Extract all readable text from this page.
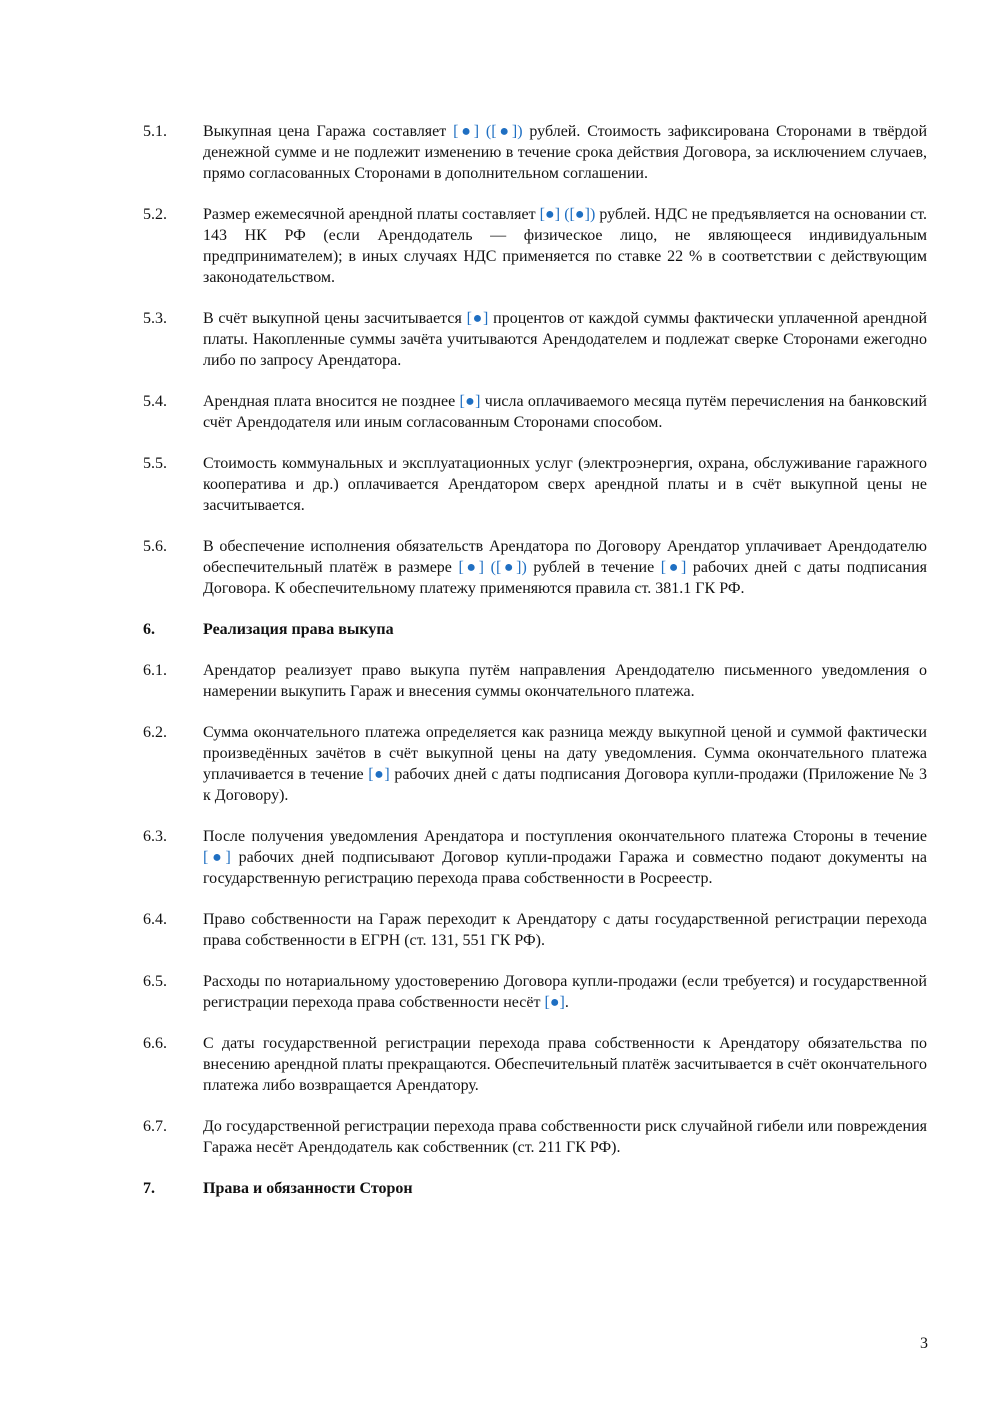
5.1.	Выкупная цена Гаража составляет [●] ([●]) рублей. Стоимость зафиксирована Сторонами в твёрдой денежной сумме и не подлежит изменению в течение срока действия Договора, за исключением случаев, прямо согласованных Сторонами в дополнительном соглашении.
5.2.	Размер ежемесячной арендной платы составляет [●] ([●]) рублей. НДС не предъявляется на основании ст. 143 НК РФ (если Арендодатель — физическое лицо, не являющееся индивидуальным предпринимателем); в иных случаях НДС применяется по ставке 22 % в соответствии с действующим законодательством.
5.3.	В счёт выкупной цены засчитывается [●] процентов от каждой суммы фактически уплаченной арендной платы. Накопленные суммы зачёта учитываются Арендодателем и подлежат сверке Сторонами ежегодно либо по запросу Арендатора.
5.4.	Арендная плата вносится не позднее [●] числа оплачиваемого месяца путём перечисления на банковский счёт Арендодателя или иным согласованным Сторонами способом.
5.5.	Стоимость коммунальных и эксплуатационных услуг (электроэнергия, охрана, обслуживание гаражного кооператива и др.) оплачивается Арендатором сверх арендной платы и в счёт выкупной цены не засчитывается.
5.6.	В обеспечение исполнения обязательств Арендатора по Договору Арендатор уплачивает Арендодателю обеспечительный платёж в размере [●] ([●]) рублей в течение [●] рабочих дней с даты подписания Договора. К обеспечительному платежу применяются правила ст. 381.1 ГК РФ.
6.	Реализация права выкупа
6.1.	Арендатор реализует право выкупа путём направления Арендодателю письменного уведомления о намерении выкупить Гараж и внесения суммы окончательного платежа.
6.2.	Сумма окончательного платежа определяется как разница между выкупной ценой и суммой фактически произведённых зачётов в счёт выкупной цены на дату уведомления. Сумма окончательного платежа уплачивается в течение [●] рабочих дней с даты подписания Договора купли-продажи (Приложение № 3 к Договору).
6.3.	После получения уведомления Арендатора и поступления окончательного платежа Стороны в течение [●] рабочих дней подписывают Договор купли-продажи Гаража и совместно подают документы на государственную регистрацию перехода права собственности в Росреестр.
6.4.	Право собственности на Гараж переходит к Арендатору с даты государственной регистрации перехода права собственности в ЕГРН (ст. 131, 551 ГК РФ).
6.5.	Расходы по нотариальному удостоверению Договора купли-продажи (если требуется) и государственной регистрации перехода права собственности несёт [●].
6.6.	С даты государственной регистрации перехода права собственности к Арендатору обязательства по внесению арендной платы прекращаются. Обеспечительный платёж засчитывается в счёт окончательного платежа либо возвращается Арендатору.
6.7.	До государственной регистрации перехода права собственности риск случайной гибели или повреждения Гаража несёт Арендодатель как собственник (ст. 211 ГК РФ).
7.	Права и обязанности Сторон
3
